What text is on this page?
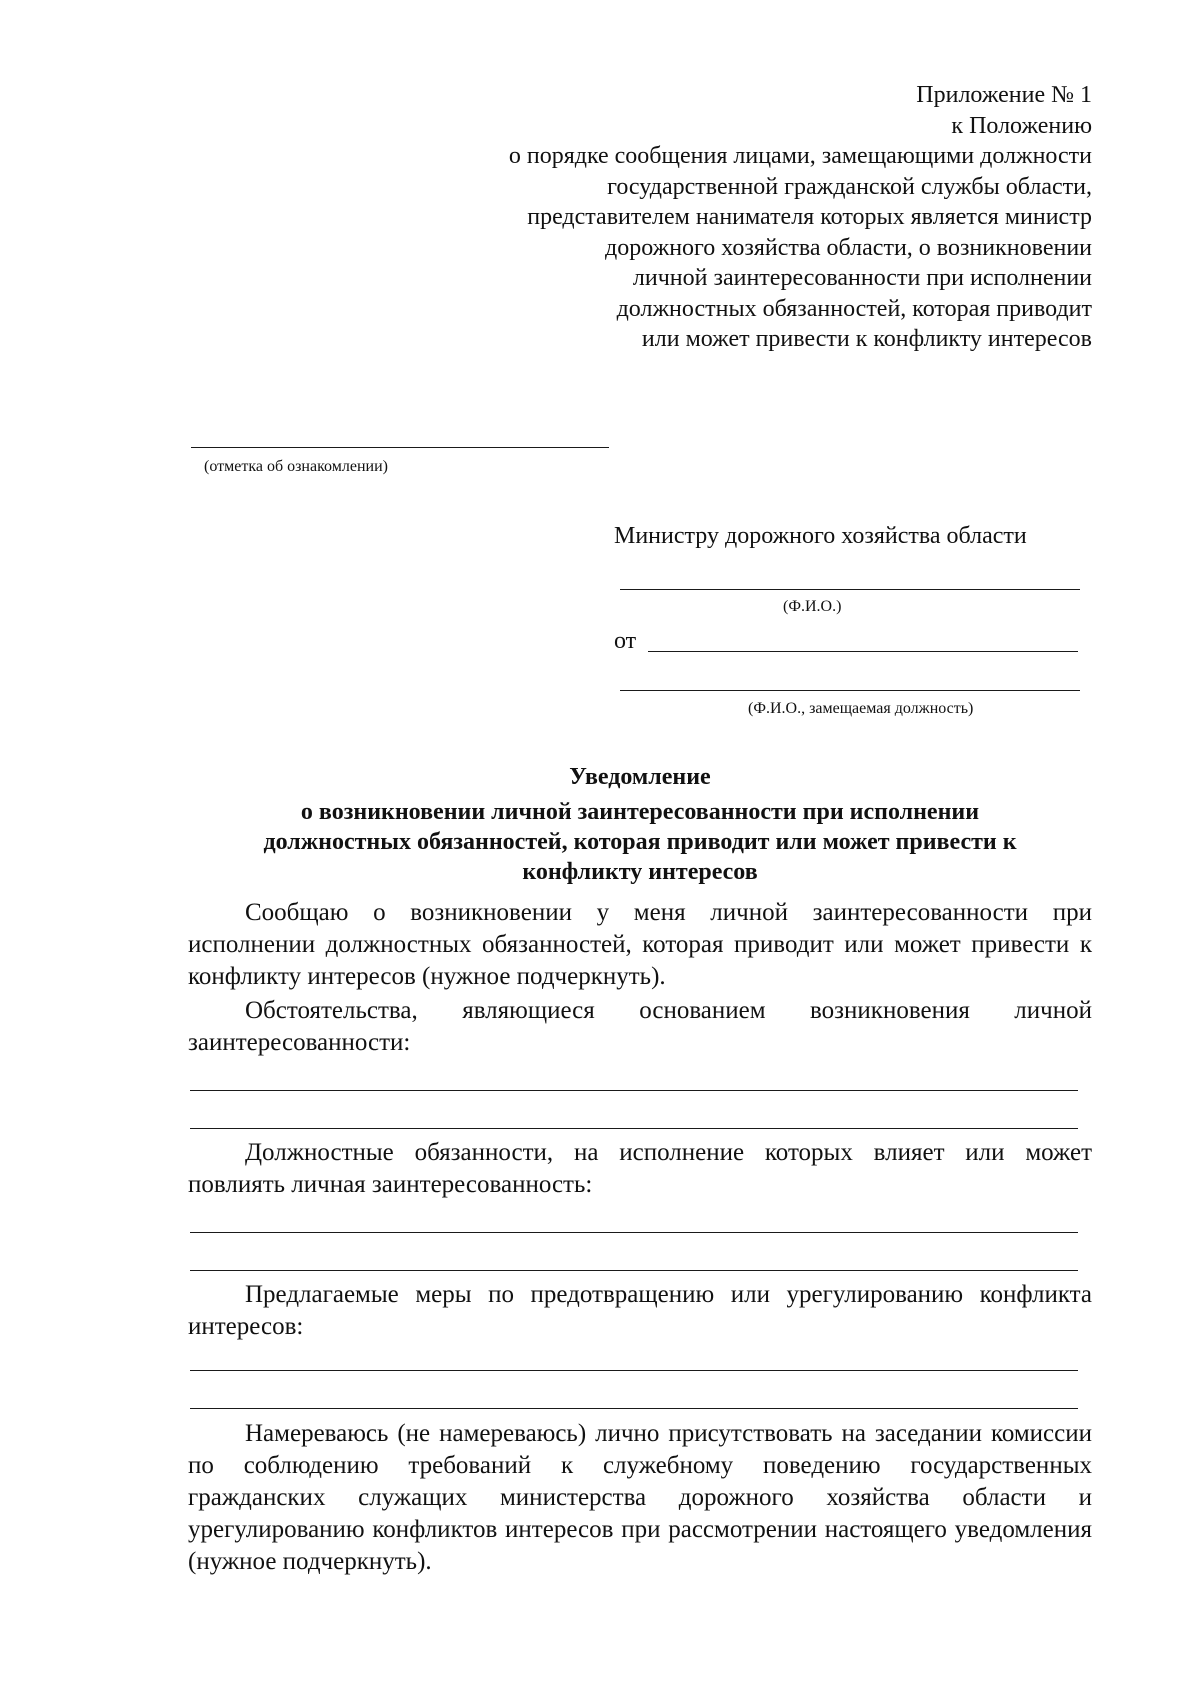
Приложение № 1
к Положению
о порядке сообщения лицами, замещающими должности
государственной гражданской службы области,
представителем нанимателя которых является министр
дорожного хозяйства области, о возникновении
личной заинтересованности при исполнении
должностных обязанностей, которая приводит
или может привести к конфликту интересов
(отметка об ознакомлении)
Министру дорожного хозяйства области
(Ф.И.О.)
от
(Ф.И.О., замещаемая должность)
Уведомление
о возникновении личной заинтересованности при исполнении
должностных обязанностей, которая приводит или может привести к
конфликту интересов
Сообщаю о возникновении у меня личной заинтересованности при исполнении должностных обязанностей, которая приводит или может привести к конфликту интересов (нужное подчеркнуть).
Обстоятельства, являющиеся основанием возникновения личной заинтересованности:
Должностные обязанности, на исполнение которых влияет или может повлиять личная заинтересованность:
Предлагаемые меры по предотвращению или урегулированию конфликта интересов:
Намереваюсь (не намереваюсь) лично присутствовать на заседании комиссии по соблюдению требований к служебному поведению государственных гражданских служащих министерства дорожного хозяйства области и урегулированию конфликтов интересов при рассмотрении настоящего уведомления (нужное подчеркнуть).
